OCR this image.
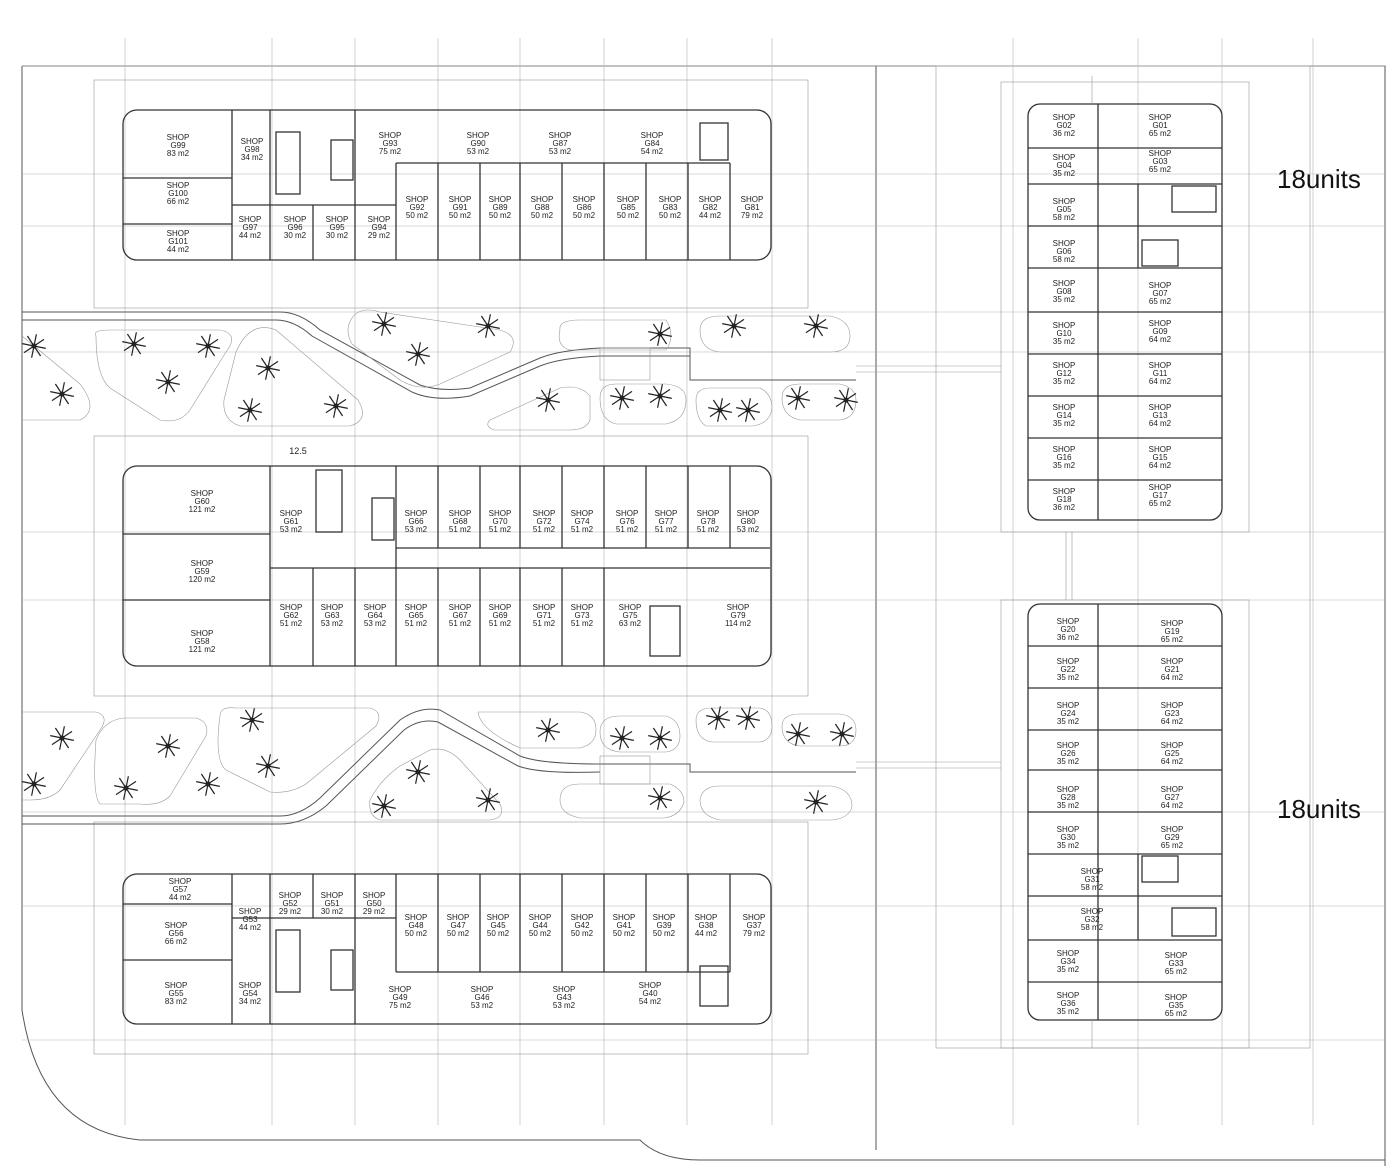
SHOP G99 83 m2
SHOP G98 34 m2
SHOP G93 75 m2
SHOP G90 53 m2
SHOP G87 53 m2
SHOP G84 54 m2
SHOP G100 66 m2
SHOP G101 44 m2
SHOP G97 44 m2
SHOP G96 30 m2
SHOP G95 30 m2
SHOP G94 29 m2
SHOP G92 50 m2
SHOP G91 50 m2
SHOP G89 50 m2
SHOP G88 50 m2
SHOP G86 50 m2
SHOP G85 50 m2
SHOP G83 50 m2
SHOP G82 44 m2
SHOP G81 79 m2
SHOP G60 121 m2	SHOP G61 53 m2
SHOP G66 53 m2
SHOP G68 51 m2
SHOP G70 51 m2
SHOP G72 51 m2
SHOP G74 51 m2
SHOP G76 51 m2
SHOP G77 51 m2
SHOP G78 51 m2
SHOP G80 53 m2
SHOP G59 120 m2
SHOP G58 121 m2
SHOP G62 51 m2
SHOP G63 53 m2
SHOP G64 53 m2
SHOP G65 51 m2
SHOP G67 51 m2
SHOP G69 51 m2
SHOP G71 51 m2
SHOP G73 51 m2
SHOP G75 63 m2
SHOP G79 114 m2
SHOP G57 44 m2
SHOP G56 66 m2
SHOP G55 83 m2
SHOP G53 44 m2
SHOP G52 29 m2
SHOP G51 30 m2
SHOP G50 29 m2
SHOP G54 34 m2
SHOP G48 50 m2
SHOP G47 50 m2
SHOP G45 50 m2
SHOP G44 50 m2
SHOP G42 50 m2
SHOP G41 50 m2
SHOP G39 50 m2
SHOP G38 44 m2
SHOP G37 79 m2
SHOP G49 75 m2
SHOP G46 53 m2
SHOP G43 53 m2
SHOP G40 54 m2
SHOP G02 36 m2
SHOP G01 65 m2
SHOP G04 35 m2
SHOP G03 65 m2
SHOP G05 58 m2
SHOP G06 58 m2
SHOP G08 35 m2
SHOP G07 65 m2
SHOP G10 35 m2
SHOP G09 64 m2
SHOP G12 35 m2
SHOP G11 64 m2
SHOP G14 35 m2
SHOP G13 64 m2
SHOP G16 35 m2
SHOP G15 64 m2
SHOP G18 36 m2
SHOP G17 65 m2
SHOP G20 36 m2
SHOP G19 65 m2
SHOP G22 35 m2
SHOP G21 64 m2
SHOP G24 35 m2
SHOP G23 64 m2
SHOP G26 35 m2
SHOP G25 64 m2
SHOP G28 35 m2
SHOP G27 64 m2
SHOP G30 35 m2
SHOP G29 65 m2
SHOP G31 58 m2
SHOP G32 58 m2
SHOP G34 35 m2
SHOP G33 65 m2
SHOP G36 35 m2
SHOP G35 65 m2
12.5
18units
18units
